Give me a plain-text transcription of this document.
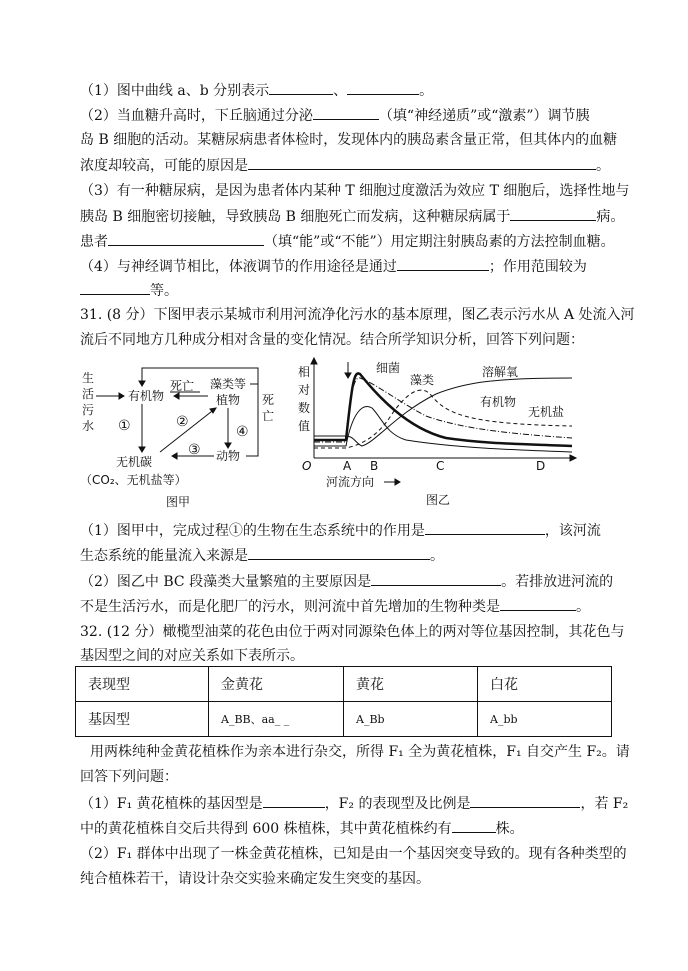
（1）图中曲线 a、b 分别表示	、	。
（2）当血糖升高时，下丘脑通过分泌	（填“神经递质”或“激素”）调节胰
岛 B 细胞的活动。某糖尿病患者体检时，发现体内的胰岛素含量正常，但其体内的血糖
浓度却较高，可能的原因是	。
（3）有一种糖尿病，是因为患者体内某种 T 细胞过度激活为效应 T 细胞后，选择性地与
胰岛 B 细胞密切接触，导致胰岛 B 细胞死亡而发病，这种糖尿病属于	病。
患者	（填“能”或“不能”）用定期注射胰岛素的方法控制血糖。
（4）与神经调节相比，体液调节的作用途径是通过	；作用范围较为
等。
31. (8 分）下图甲表示某城市利用河流净化污水的基本原理，图乙表示污水从 A 处流入河
流后不同地方几种成分相对含量的变化情况。结合所学知识分析，回答下列问题：
生
活
污
水
有机物
死亡 藻类等
植物 死
亡
①	②
③
④
无机碳	动物
（CO₂、无机盐等）
图甲
相
对
数
值
O	A B	C	D
河流方向
细菌
藻类
溶解氧
有机物
无机盐
图乙
（1）图甲中，完成过程①的生物在生态系统中的作用是	，该河流
生态系统的能量流入来源是	。
（2）图乙中 BC 段藻类大量繁殖的主要原因是	。若排放进河流的
不是生活污水，而是化肥厂的污水，则河流中首先增加的生物种类是	。
32. (12 分）橄榄型油菜的花色由位于两对同源染色体上的两对等位基因控制，其花色与
基因型之间的对应关系如下表所示。
表现型	金黄花	黄花	白花
基因型	A_BB、aa_ _	A_Bb	A_bb
用两株纯种金黄花植株作为亲本进行杂交，所得 F₁ 全为黄花植株，F₁ 自交产生 F₂。请
回答下列问题：
（1）F₁ 黄花植株的基因型是	，F₂ 的表现型及比例是	，若 F₂
中的黄花植株自交后共得到 600 株植株，其中黄花植株约有	株。
（2）F₁ 群体中出现了一株金黄花植株，已知是由一个基因突变导致的。现有各种类型的
纯合植株若干，请设计杂交实验来确定发生突变的基因。
